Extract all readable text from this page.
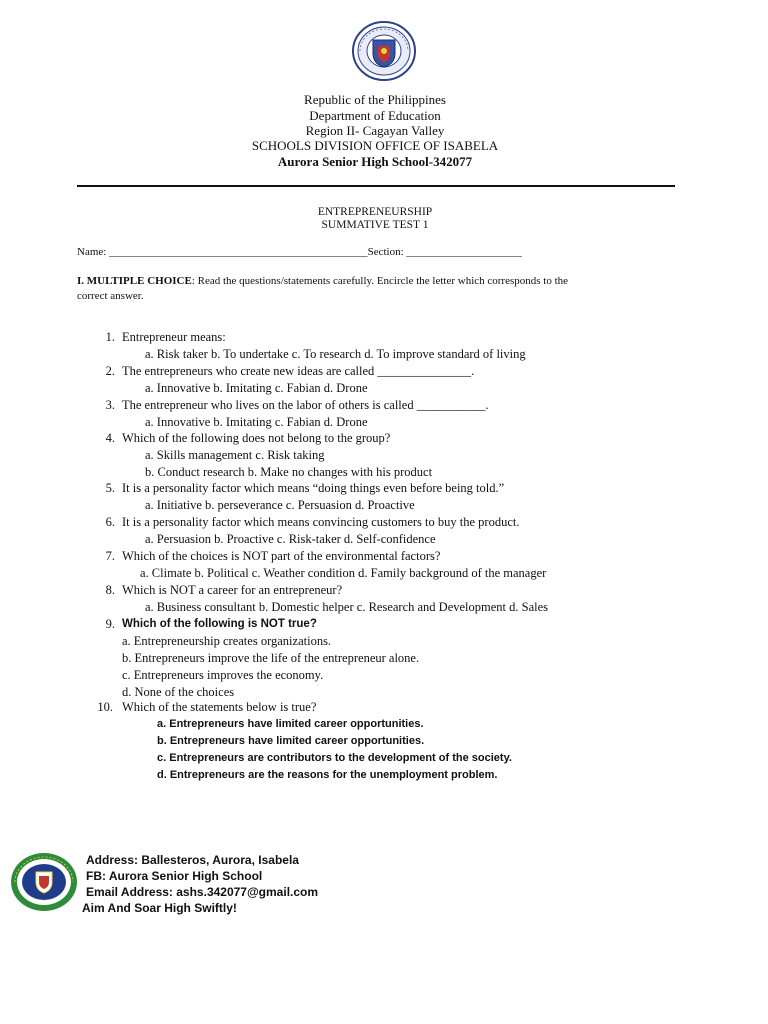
Republic of the Philippines
Department of Education
Region II- Cagayan Valley
SCHOOLS DIVISION OFFICE OF ISABELA
Aurora Senior High School-342077
ENTREPRENEURSHIP
SUMMATIVE TEST 1
Name: _______________________________________________Section: _____________________
I. MULTIPLE CHOICE: Read the questions/statements carefully. Encircle the letter which corresponds to the
correct answer.
1. Entrepreneur means:
a. Risk taker b. To undertake c. To research d. To improve standard of living
2. The entrepreneurs who create new ideas are called _______________.
a. Innovative b. Imitating c. Fabian d. Drone
3. The entrepreneur who lives on the labor of others is called ___________.
a. Innovative b. Imitating c. Fabian d. Drone
4. Which of the following does not belong to the group?
a. Skills management c. Risk taking
b. Conduct research b. Make no changes with his product
5. It is a personality factor which means “doing things even before being told.”
a. Initiative b. perseverance c. Persuasion d. Proactive
6. It is a personality factor which means convincing customers to buy the product.
a. Persuasion b. Proactive c. Risk-taker d. Self-confidence
7. Which of the choices is NOT part of the environmental factors?
a. Climate b. Political c. Weather condition d. Family background of the manager
8. Which is NOT a career for an entrepreneur?
a. Business consultant b. Domestic helper c. Research and Development d. Sales
9. Which of the following is NOT true?
a. Entrepreneurship creates organizations.
b. Entrepreneurs improve the life of the entrepreneur alone.
c. Entrepreneurs improves the economy.
d. None of the choices
10. Which of the statements below is true?
a. Entrepreneurs have limited career opportunities.
b. Entrepreneurs have limited career opportunities.
c. Entrepreneurs are contributors to the development of the society.
d. Entrepreneurs are the reasons for the unemployment problem.
Address: Ballesteros, Aurora, Isabela
FB: Aurora Senior High School
Email Address: ashs.342077@gmail.com
Aim And Soar High Swiftly!
